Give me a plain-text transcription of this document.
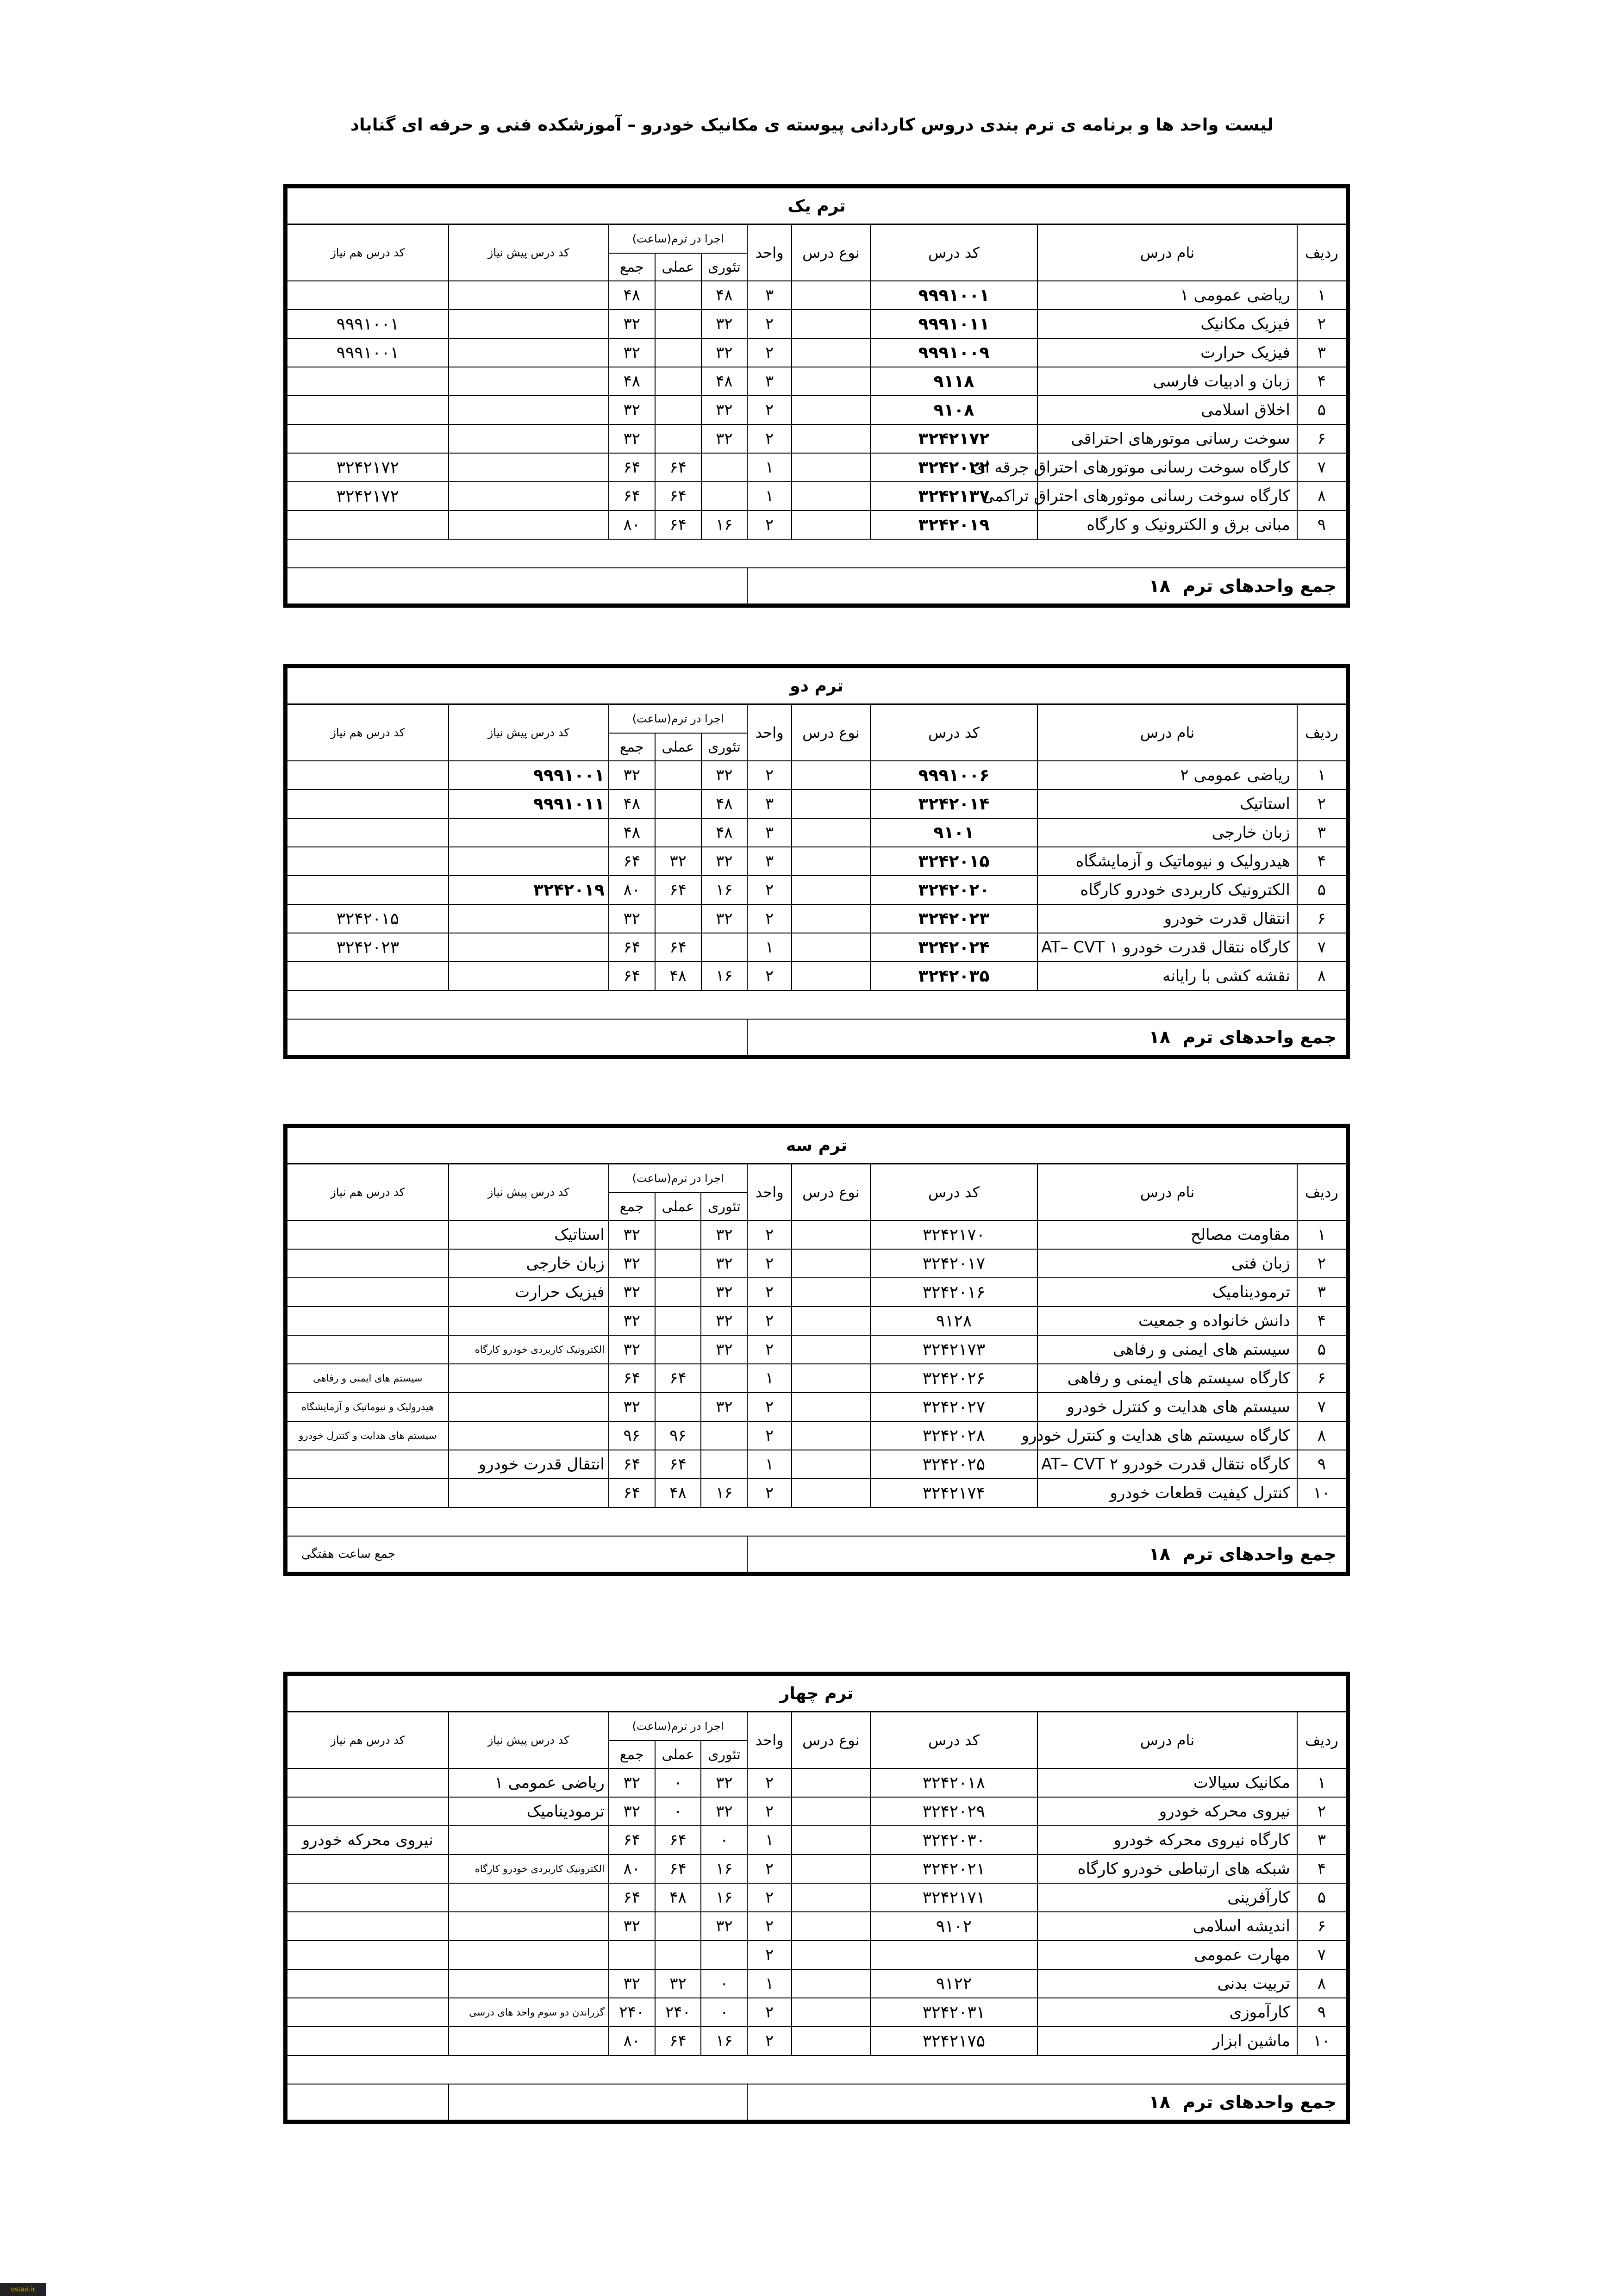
لیست واحد ها و برنامه ی ترم بندی دروس کاردانی پیوسته ی مکانیک خودرو – آموزشکده فنی و حرفه ای گناباد
ترم یک									
ردیف	نام درس	کد درس	نوع درس	واحد	اجرا در ترم(ساعت)			کد درس پیش نیاز	کد درس هم نیاز
					تئوری	عملی	جمع		
۱	ریاضی عمومی ۱	۹۹۹۱۰۰۱		۳	۴۸		۴۸		
۲	فیزیک مکانیک	۹۹۹۱۰۱۱		۲	۳۲		۳۲		۹۹۹۱۰۰۱
۳	فیزیک حرارت	۹۹۹۱۰۰۹		۲	۳۲		۳۲		۹۹۹۱۰۰۱
۴	زبان و ادبیات فارسی	۹۱۱۸		۳	۴۸		۴۸		
۵	اخلاق اسلامی	۹۱۰۸		۲	۳۲		۳۲		
۶	سوخت رسانی موتورهای احتراقی	۳۲۴۲۱۷۲		۲	۳۲		۳۲		
۷	کارگاه سوخت رسانی موتورهای احتراق جرقه ای	۳۲۴۲۰۲۲		۱		۶۴	۶۴		۳۲۴۲۱۷۲
۸	کارگاه سوخت رسانی موتورهای احتراق تراکمی	۳۲۴۲۱۳۷		۱		۶۴	۶۴		۳۲۴۲۱۷۲
۹	مبانی برق و الکترونیک و کارگاه	۳۲۴۲۰۱۹		۲	۱۶	۶۴	۸۰		

جمع واحدهای ترم  ۱۸									
ترم دو									
ردیف	نام درس	کد درس	نوع درس	واحد	اجرا در ترم(ساعت)			کد درس پیش نیاز	کد درس هم نیاز
					تئوری	عملی	جمع		
۱	ریاضی عمومی ۲	۹۹۹۱۰۰۶		۲	۳۲		۳۲	۹۹۹۱۰۰۱	
۲	استاتیک	۳۲۴۲۰۱۴		۳	۴۸		۴۸	۹۹۹۱۰۱۱	
۳	زبان خارجی	۹۱۰۱		۳	۴۸		۴۸		
۴	هیدرولیک و نیوماتیک و آزمایشگاه	۳۲۴۲۰۱۵		۳	۳۲	۳۲	۶۴		
۵	الکترونیک کاربردی خودرو کارگاه	۳۲۴۲۰۲۰		۲	۱۶	۶۴	۸۰	۳۲۴۲۰۱۹	
۶	انتقال قدرت خودرو	۳۲۴۲۰۲۳		۲	۳۲		۳۲		۳۲۴۲۰۱۵
۷	کارگاه نتقال قدرت خودرو ۱ AT– CVT	۳۲۴۲۰۲۴		۱		۶۴	۶۴		۳۲۴۲۰۲۳
۸	نقشه کشی با رایانه	۳۲۴۲۰۳۵		۲	۱۶	۴۸	۶۴		

جمع واحدهای ترم  ۱۸									
ترم سه									
ردیف	نام درس	کد درس	نوع درس	واحد	اجرا در ترم(ساعت)			کد درس پیش نیاز	کد درس هم نیاز
					تئوری	عملی	جمع		
۱	مقاومت مصالح	۳۲۴۲۱۷۰		۲	۳۲		۳۲	استاتیک	
۲	زبان فنی	۳۲۴۲۰۱۷		۲	۳۲		۳۲	زبان خارجی	
۳	ترمودینامیک	۳۲۴۲۰۱۶		۲	۳۲		۳۲	فیزیک حرارت	
۴	دانش خانواده و جمعیت	۹۱۲۸		۲	۳۲		۳۲		
۵	سیستم های ایمنی و رفاهی	۳۲۴۲۱۷۳		۲	۳۲		۳۲	الکترونیک کاربردی خودرو کارگاه	
۶	کارگاه سیستم های ایمنی و رفاهی	۳۲۴۲۰۲۶		۱		۶۴	۶۴		سیستم های ایمنی و رفاهی
۷	سیستم های هدایت و کنترل خودرو	۳۲۴۲۰۲۷		۲	۳۲		۳۲		هیدرولیک و نیوماتیک و آزمایشگاه
۸	کارگاه سیستم های هدایت و کنترل خودرو	۳۲۴۲۰۲۸		۲		۹۶	۹۶		سیستم های هدایت و کنترل خودرو
۹	کارگاه نتقال قدرت خودرو ۲ AT– CVT	۳۲۴۲۰۲۵		۱		۶۴	۶۴	انتقال قدرت خودرو	
۱۰	کنترل کیفیت قطعات خودرو	۳۲۴۲۱۷۴		۲	۱۶	۴۸	۶۴		

جمع واحدهای ترم  ۱۸					جمع ساعت هفتگی				
ترم چهار									
ردیف	نام درس	کد درس	نوع درس	واحد	اجرا در ترم(ساعت)			کد درس پیش نیاز	کد درس هم نیاز
					تئوری	عملی	جمع		
۱	مکانیک سیالات	۳۲۴۲۰۱۸		۲	۳۲	۰	۳۲	ریاضی عمومی ۱	
۲	نیروی محرکه خودرو	۳۲۴۲۰۲۹		۲	۳۲	۰	۳۲	ترمودینامیک	
۳	کارگاه نیروی محرکه خودرو	۳۲۴۲۰۳۰		۱	۰	۶۴	۶۴		نیروی محرکه خودرو
۴	شبکه های ارتباطی خودرو کارگاه	۳۲۴۲۰۲۱		۲	۱۶	۶۴	۸۰	الکترونیک کاربردی خودرو کارگاه	
۵	کارآفرینی	۳۲۴۲۱۷۱		۲	۱۶	۴۸	۶۴		
۶	اندیشه اسلامی	۹۱۰۲		۲	۳۲		۳۲		
۷	مهارت عمومی			۲					
۸	تربیت بدنی	۹۱۲۲		۱	۰	۳۲	۳۲		
۹	کارآموزی	۳۲۴۲۰۳۱		۲	۰	۲۴۰	۲۴۰	گزراندن دو سوم واحد های درسی	
۱۰	ماشین ابزار	۳۲۴۲۱۷۵		۲	۱۶	۶۴	۸۰		

جمع واحدهای ترم  ۱۸									
ostad.ir
